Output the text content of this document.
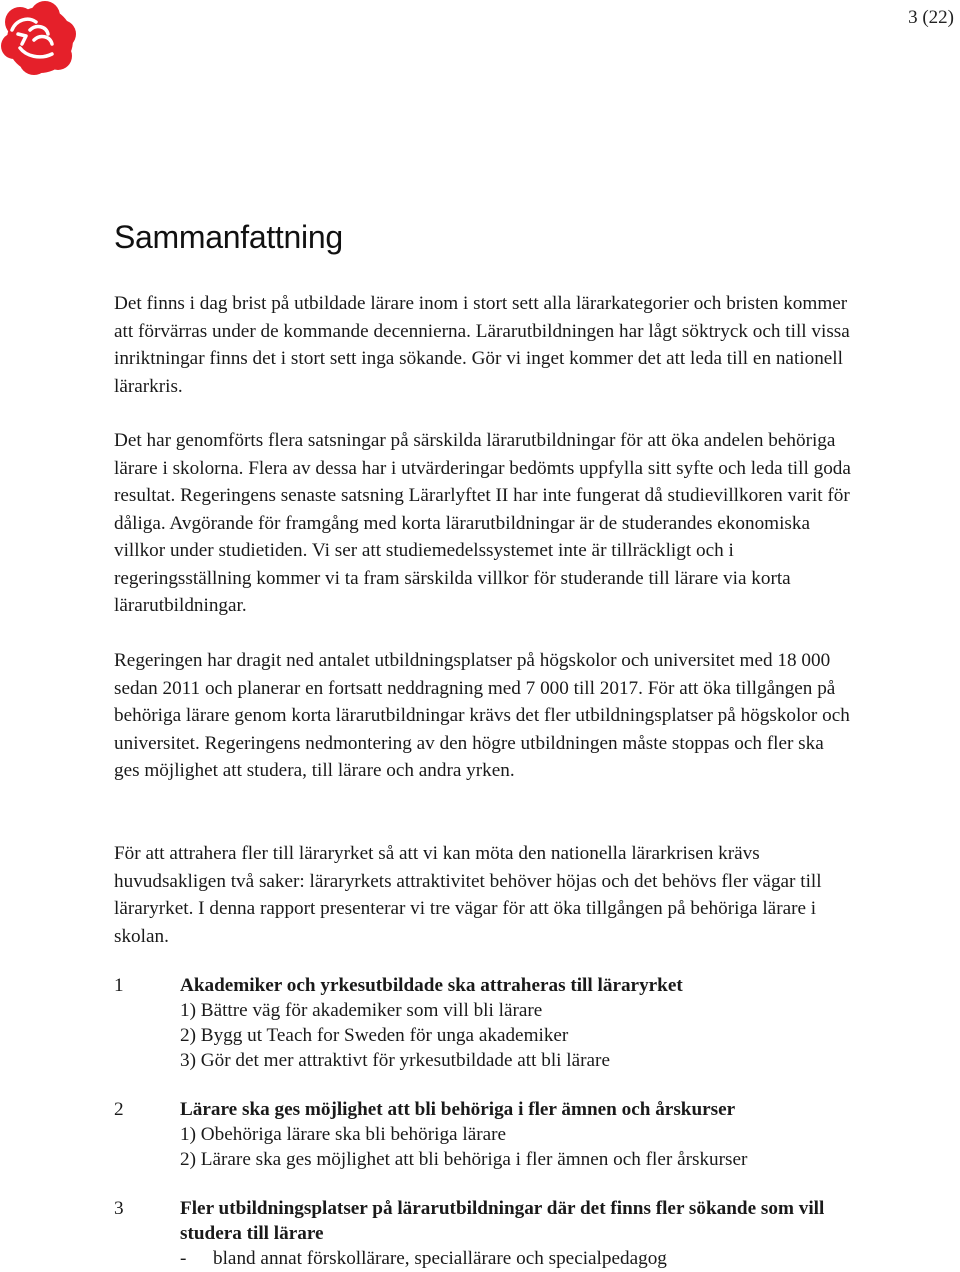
3 (22)
Sammanfattning

Det finns i dag brist på utbildade lärare inom i stort sett alla lärarkategorier och bristen kommer att förvärras under de kommande decennierna. Lärarutbildningen har lågt söktryck och till vissa inriktningar finns det i stort sett inga sökande. Gör vi inget kommer det att leda till en nationell lärarkris.

Det har genomförts flera satsningar på särskilda lärarutbildningar för att öka andelen behöriga lärare i skolorna. Flera av dessa har i utvärderingar bedömts uppfylla sitt syfte och leda till goda resultat. Regeringens senaste satsning Lärarlyftet II har inte fungerat då studievillkoren varit för dåliga. Avgörande för framgång med korta lärarutbildningar är de studerandes ekonomiska villkor under studietiden. Vi ser att studiemedelssystemet inte är tillräckligt och i regeringsställning kommer vi ta fram särskilda villkor för studerande till lärare via korta lärarutbildningar.

Regeringen har dragit ned antalet utbildningsplatser på högskolor och universitet med 18 000 sedan 2011 och planerar en fortsatt neddragning med 7 000 till 2017. För att öka tillgången på behöriga lärare genom korta lärarutbildningar krävs det fler utbildningsplatser på högskolor och universitet. Regeringens nedmontering av den högre utbildningen måste stoppas och fler ska ges möjlighet att studera, till lärare och andra yrken.

För att attrahera fler till läraryrket så att vi kan möta den nationella lärarkrisen krävs huvudsakligen två saker: läraryrkets attraktivitet behöver höjas och det behövs fler vägar till läraryrket. I denna rapport presenterar vi tre vägar för att öka tillgången på behöriga lärare i skolan.

1	Akademiker och yrkesutbildade ska attraheras till läraryrket
1) Bättre väg för akademiker som vill bli lärare
2) Bygg ut Teach for Sweden för unga akademiker
3) Gör det mer attraktivt för yrkesutbildade att bli lärare
2	Lärare ska ges möjlighet att bli behöriga i fler ämnen och årskurser
1) Obehöriga lärare ska bli behöriga lärare
2) Lärare ska ges möjlighet att bli behöriga i fler ämnen och fler årskurser
3	Fler utbildningsplatser på lärarutbildningar där det finns fler sökande som vill studera till lärare
- bland annat förskollärare, speciallärare och specialpedagog
